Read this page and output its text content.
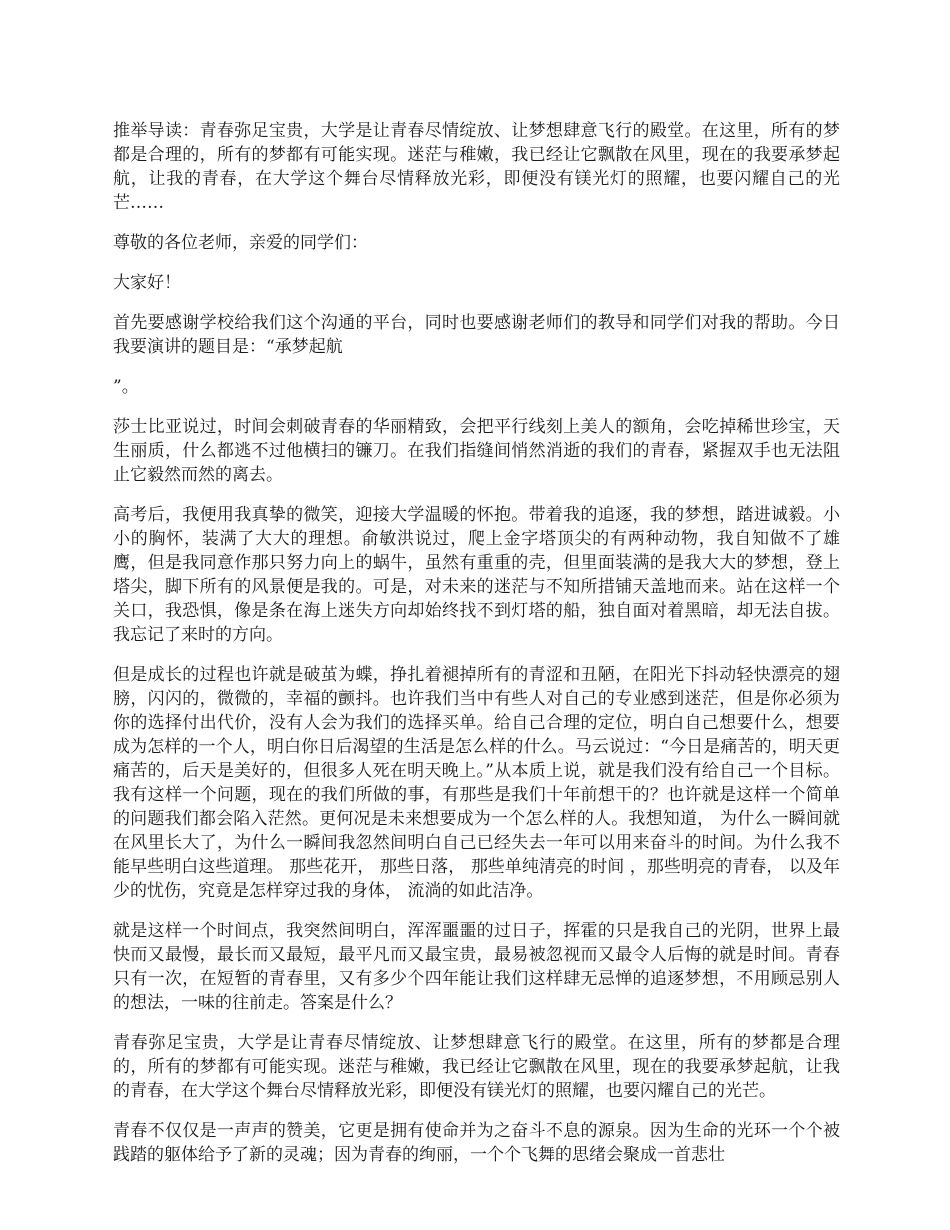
推举导读：青春弥足宝贵，大学是让青春尽情绽放、让梦想肆意飞行的殿堂。在这里，所有的梦都是合理的，所有的梦都有可能实现。迷茫与稚嫩，我已经让它飘散在风里，现在的我要承梦起航，让我的青春，在大学这个舞台尽情释放光彩，即便没有镁光灯的照耀，也要闪耀自己的光芒……

尊敬的各位老师，亲爱的同学们：

大家好！

首先要感谢学校给我们这个沟通的平台，同时也要感谢老师们的教导和同学们对我的帮助。今日我要演讲的题目是：“承梦起航

”。

莎士比亚说过，时间会刺破青春的华丽精致，会把平行线刻上美人的额角，会吃掉稀世珍宝，天生丽质，什么都逃不过他横扫的镰刀。在我们指缝间悄然消逝的我们的青春，紧握双手也无法阻止它毅然而然的离去。

高考后，我便用我真挚的微笑，迎接大学温暖的怀抱。带着我的追逐，我的梦想，踏进诚毅。小小的胸怀，装满了大大的理想。俞敏洪说过，爬上金字塔顶尖的有两种动物，我自知做不了雄鹰，但是我同意作那只努力向上的蜗牛，虽然有重重的壳，但里面装满的是我大大的梦想，登上塔尖，脚下所有的风景便是我的。可是，对未来的迷茫与不知所措铺天盖地而来。站在这样一个关口，我恐惧，像是条在海上迷失方向却始终找不到灯塔的船，独自面对着黑暗，却无法自拔。我忘记了来时的方向。

但是成长的过程也许就是破茧为蝶，挣扎着褪掉所有的青涩和丑陋，在阳光下抖动轻快漂亮的翅膀，闪闪的，微微的，幸福的颤抖。也许我们当中有些人对自己的专业感到迷茫，但是你必须为你的选择付出代价，没有人会为我们的选择买单。给自己合理的定位，明白自己想要什么，想要成为怎样的一个人，明白你日后渴望的生活是怎么样的什么。马云说过：“今日是痛苦的，明天更痛苦的，后天是美好的，但很多人死在明天晚上。”从本质上说，就是我们没有给自己一个目标。我有这样一个问题，现在的我们所做的事，有那些是我们十年前想干的？也许就是这样一个简单的问题我们都会陷入茫然。更何况是未来想要成为一个怎么样的人。我想知道， 为什么一瞬间就在风里长大了，为什么一瞬间我忽然间明白自己已经失去一年可以用来奋斗的时间。为什么我不能早些明白这些道理。 那些花开， 那些日落， 那些单纯清亮的时间 ，那些明亮的青春， 以及年少的忧伤，究竟是怎样穿过我的身体， 流淌的如此洁净。

就是这样一个时间点，我突然间明白，浑浑噩噩的过日子，挥霍的只是我自己的光阴，世界上最快而又最慢，最长而又最短，最平凡而又最宝贵，最易被忽视而又最令人后悔的就是时间。青春只有一次，在短暂的青春里，又有多少个四年能让我们这样肆无忌惮的追逐梦想，不用顾忌别人的想法，一味的往前走。答案是什么？

青春弥足宝贵，大学是让青春尽情绽放、让梦想肆意飞行的殿堂。在这里，所有的梦都是合理的，所有的梦都有可能实现。迷茫与稚嫩，我已经让它飘散在风里，现在的我要承梦起航，让我的青春，在大学这个舞台尽情释放光彩，即便没有镁光灯的照耀，也要闪耀自己的光芒。

青春不仅仅是一声声的赞美，它更是拥有使命并为之奋斗不息的源泉。因为生命的光环一个个被践踏的躯体给予了新的灵魂；因为青春的绚丽，一个个飞舞的思绪会聚成一首悲壮
